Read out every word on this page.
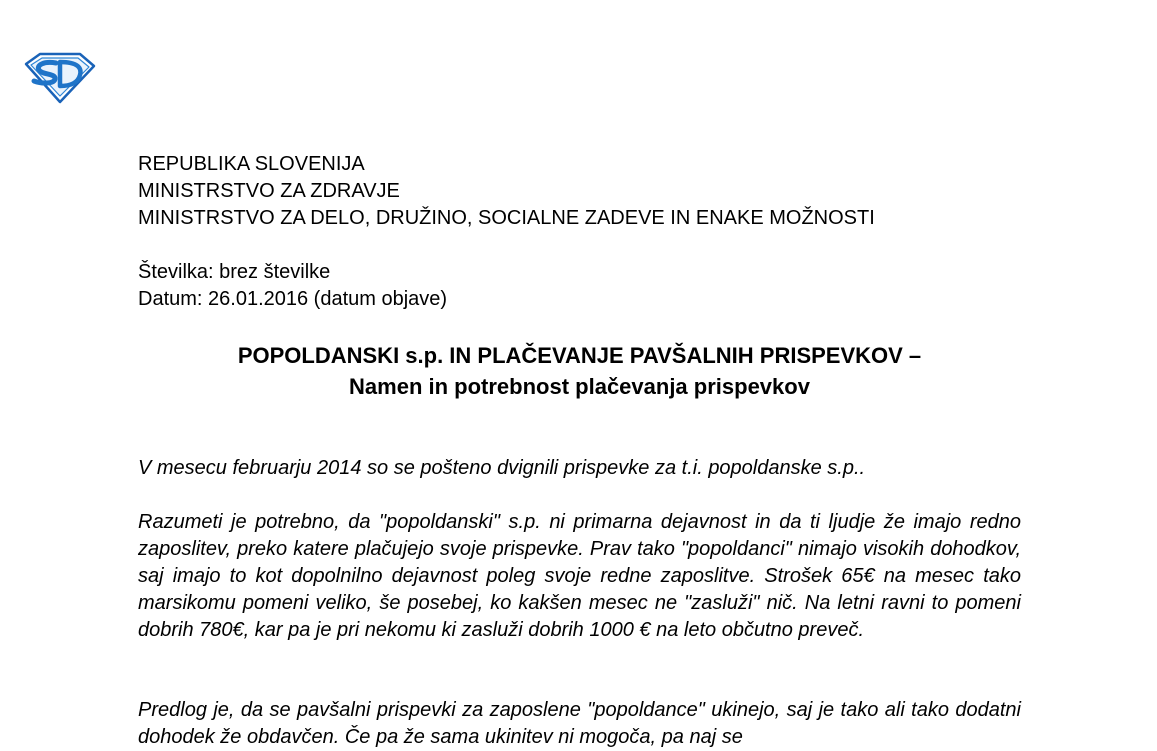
REPUBLIKA SLOVENIJA
MINISTRSTVO ZA ZDRAVJE
MINISTRSTVO ZA DELO, DRUŽINO, SOCIALNE ZADEVE IN ENAKE MOŽNOSTI
Številka: brez številke
Datum: 26.01.2016 (datum objave)
POPOLDANSKI s.p. IN PLAČEVANJE PAVŠALNIH PRISPEVKOV –
Namen in potrebnost plačevanja prispevkov
V mesecu februarju 2014 so se pošteno dvignili prispevke za t.i. popoldanske s.p..
Razumeti je potrebno, da "popoldanski" s.p. ni primarna dejavnost in da ti ljudje že imajo redno zaposlitev, preko katere plačujejo svoje prispevke. Prav tako "popoldanci" nimajo visokih dohodkov, saj imajo to kot dopolnilno dejavnost poleg svoje redne zaposlitve. Strošek 65€ na mesec tako marsikomu pomeni veliko, še posebej, ko kakšen mesec ne "zasluži" nič. Na letni ravni to pomeni dobrih 780€, kar pa je pri nekomu ki zasluži dobrih 1000 € na leto občutno preveč.
Predlog je, da se pavšalni prispevki za zaposlene "popoldance" ukinejo, saj je tako ali tako dodatni dohodek že obdavčen. Če pa že sama ukinitev ni mogoča, pa naj se
